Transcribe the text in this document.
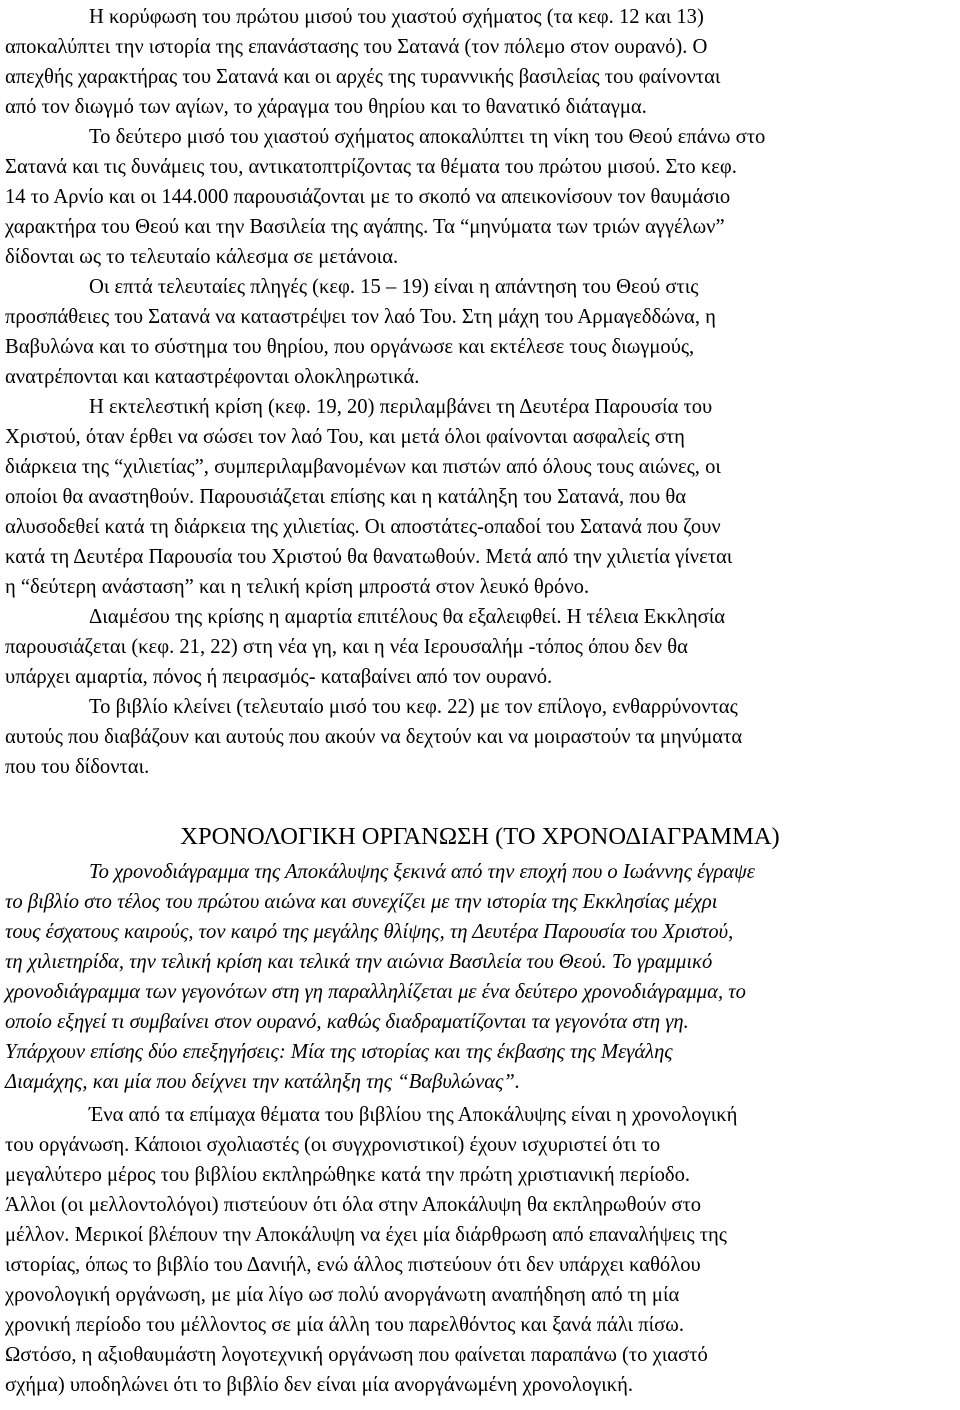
Η κορύφωση του πρώτου μισού του χιαστού σχήματος (τα κεφ. 12 και 13)

αποκαλύπτει την ιστορία της επανάστασης του Σατανά (τον πόλεμο στον ουρανό). Ο

απεχθής χαρακτήρας του Σατανά και οι αρχές της τυραννικής βασιλείας του φαίνονται

από τον διωγμό των αγίων, το χάραγμα του θηρίου και το θανατικό διάταγμα.

Το δεύτερο μισό του χιαστού σχήματος αποκαλύπτει τη νίκη του Θεού επάνω στο

Σατανά και τις δυνάμεις του, αντικατοπτρίζοντας τα θέματα του πρώτου μισού. Στο κεφ.

14 το Αρνίο και οι 144.000 παρουσιάζονται με το σκοπό να απεικονίσουν τον θαυμάσιο

χαρακτήρα του Θεού και την Βασιλεία της αγάπης. Τα “μηνύματα των τριών αγγέλων”

δίδονται ως το τελευταίο κάλεσμα σε μετάνοια.

Οι επτά τελευταίες πληγές (κεφ. 15 – 19) είναι η απάντηση του Θεού στις

προσπάθειες του Σατανά να καταστρέψει τον λαό Του. Στη μάχη του Αρμαγεδδώνα, η

Βαβυλώνα και το σύστημα του θηρίου, που οργάνωσε και εκτέλεσε τους διωγμούς,

ανατρέπονται και καταστρέφονται ολοκληρωτικά.

Η εκτελεστική κρίση (κεφ. 19, 20) περιλαμβάνει τη Δευτέρα Παρουσία του

Χριστού, όταν έρθει να σώσει τον λαό Του, και μετά όλοι φαίνονται ασφαλείς στη

διάρκεια της “χιλιετίας”, συμπεριλαμβανομένων και πιστών από όλους τους αιώνες, οι

οποίοι θα αναστηθούν. Παρουσιάζεται επίσης και η κατάληξη του Σατανά, που θα

αλυσοδεθεί κατά τη διάρκεια της χιλιετίας. Οι αποστάτες-οπαδοί του Σατανά που ζουν

κατά τη Δευτέρα Παρουσία του Χριστού θα θανατωθούν. Μετά από την χιλιετία γίνεται

η “δεύτερη ανάσταση” και η τελική κρίση μπροστά στον λευκό θρόνο.

Διαμέσου της κρίσης η αμαρτία επιτέλους θα εξαλειφθεί. Η τέλεια Εκκλησία

παρουσιάζεται (κεφ. 21, 22) στη νέα γη, και η νέα Ιερουσαλήμ -τόπος όπου δεν θα

υπάρχει αμαρτία, πόνος ή πειρασμός- καταβαίνει από τον ουρανό.

Το βιβλίο κλείνει (τελευταίο μισό του κεφ. 22) με τον επίλογο, ενθαρρύνοντας

αυτούς που διαβάζουν και αυτούς που ακούν να δεχτούν και να μοιραστούν τα μηνύματα

που του δίδονται.

ΧΡΟΝΟΛΟΓΙΚΗ ΟΡΓΑΝΩΣΗ (ΤΟ ΧΡΟΝΟΔΙΑΓΡΑΜΜΑ)

Το χρονοδιάγραμμα της Αποκάλυψης ξεκινά από την εποχή που ο Ιωάννης έγραψε

το βιβλίο στο τέλος του πρώτου αιώνα και συνεχίζει με την ιστορία της Εκκλησίας μέχρι

τους έσχατους καιρούς, τον καιρό της μεγάλης θλίψης, τη Δευτέρα Παρουσία του Χριστού,

τη χιλιετηρίδα, την τελική κρίση και τελικά την αιώνια Βασιλεία του Θεού. Το γραμμικό

χρονοδιάγραμμα των γεγονότων στη γη παραλληλίζεται με ένα δεύτερο χρονοδιάγραμμα, το

οποίο εξηγεί τι συμβαίνει στον ουρανό, καθώς διαδραματίζονται τα γεγονότα στη γη.

Υπάρχουν επίσης δύο επεξηγήσεις: Μία της ιστορίας και της έκβασης της Μεγάλης

Διαμάχης, και μία που δείχνει την κατάληξη της “Βαβυλώνας”.

Ένα από τα επίμαχα θέματα του βιβλίου της Αποκάλυψης είναι η χρονολογική

του οργάνωση. Κάποιοι σχολιαστές (οι συγχρονιστικοί) έχουν ισχυριστεί ότι το

μεγαλύτερο μέρος του βιβλίου εκπληρώθηκε κατά την πρώτη χριστιανική περίοδο.

Άλλοι (οι μελλοντολόγοι) πιστεύουν ότι όλα στην Αποκάλυψη θα εκπληρωθούν στο

μέλλον. Μερικοί βλέπουν την Αποκάλυψη να έχει μία διάρθρωση από επαναλήψεις της

ιστορίας, όπως το βιβλίο του Δανιήλ, ενώ άλλος πιστεύουν ότι δεν υπάρχει καθόλου

χρονολογική οργάνωση, με μία λίγο ωσ πολύ ανοργάνωτη αναπήδηση από τη μία

χρονική περίοδο του μέλλοντος σε μία άλλη του παρελθόντος και ξανά πάλι πίσω.

Ωστόσο, η αξιοθαυμάστη λογοτεχνική οργάνωση που φαίνεται παραπάνω (το χιαστό

σχήμα) υποδηλώνει ότι το βιβλίο δεν είναι μία ανοργάνωμένη χρονολογική.
